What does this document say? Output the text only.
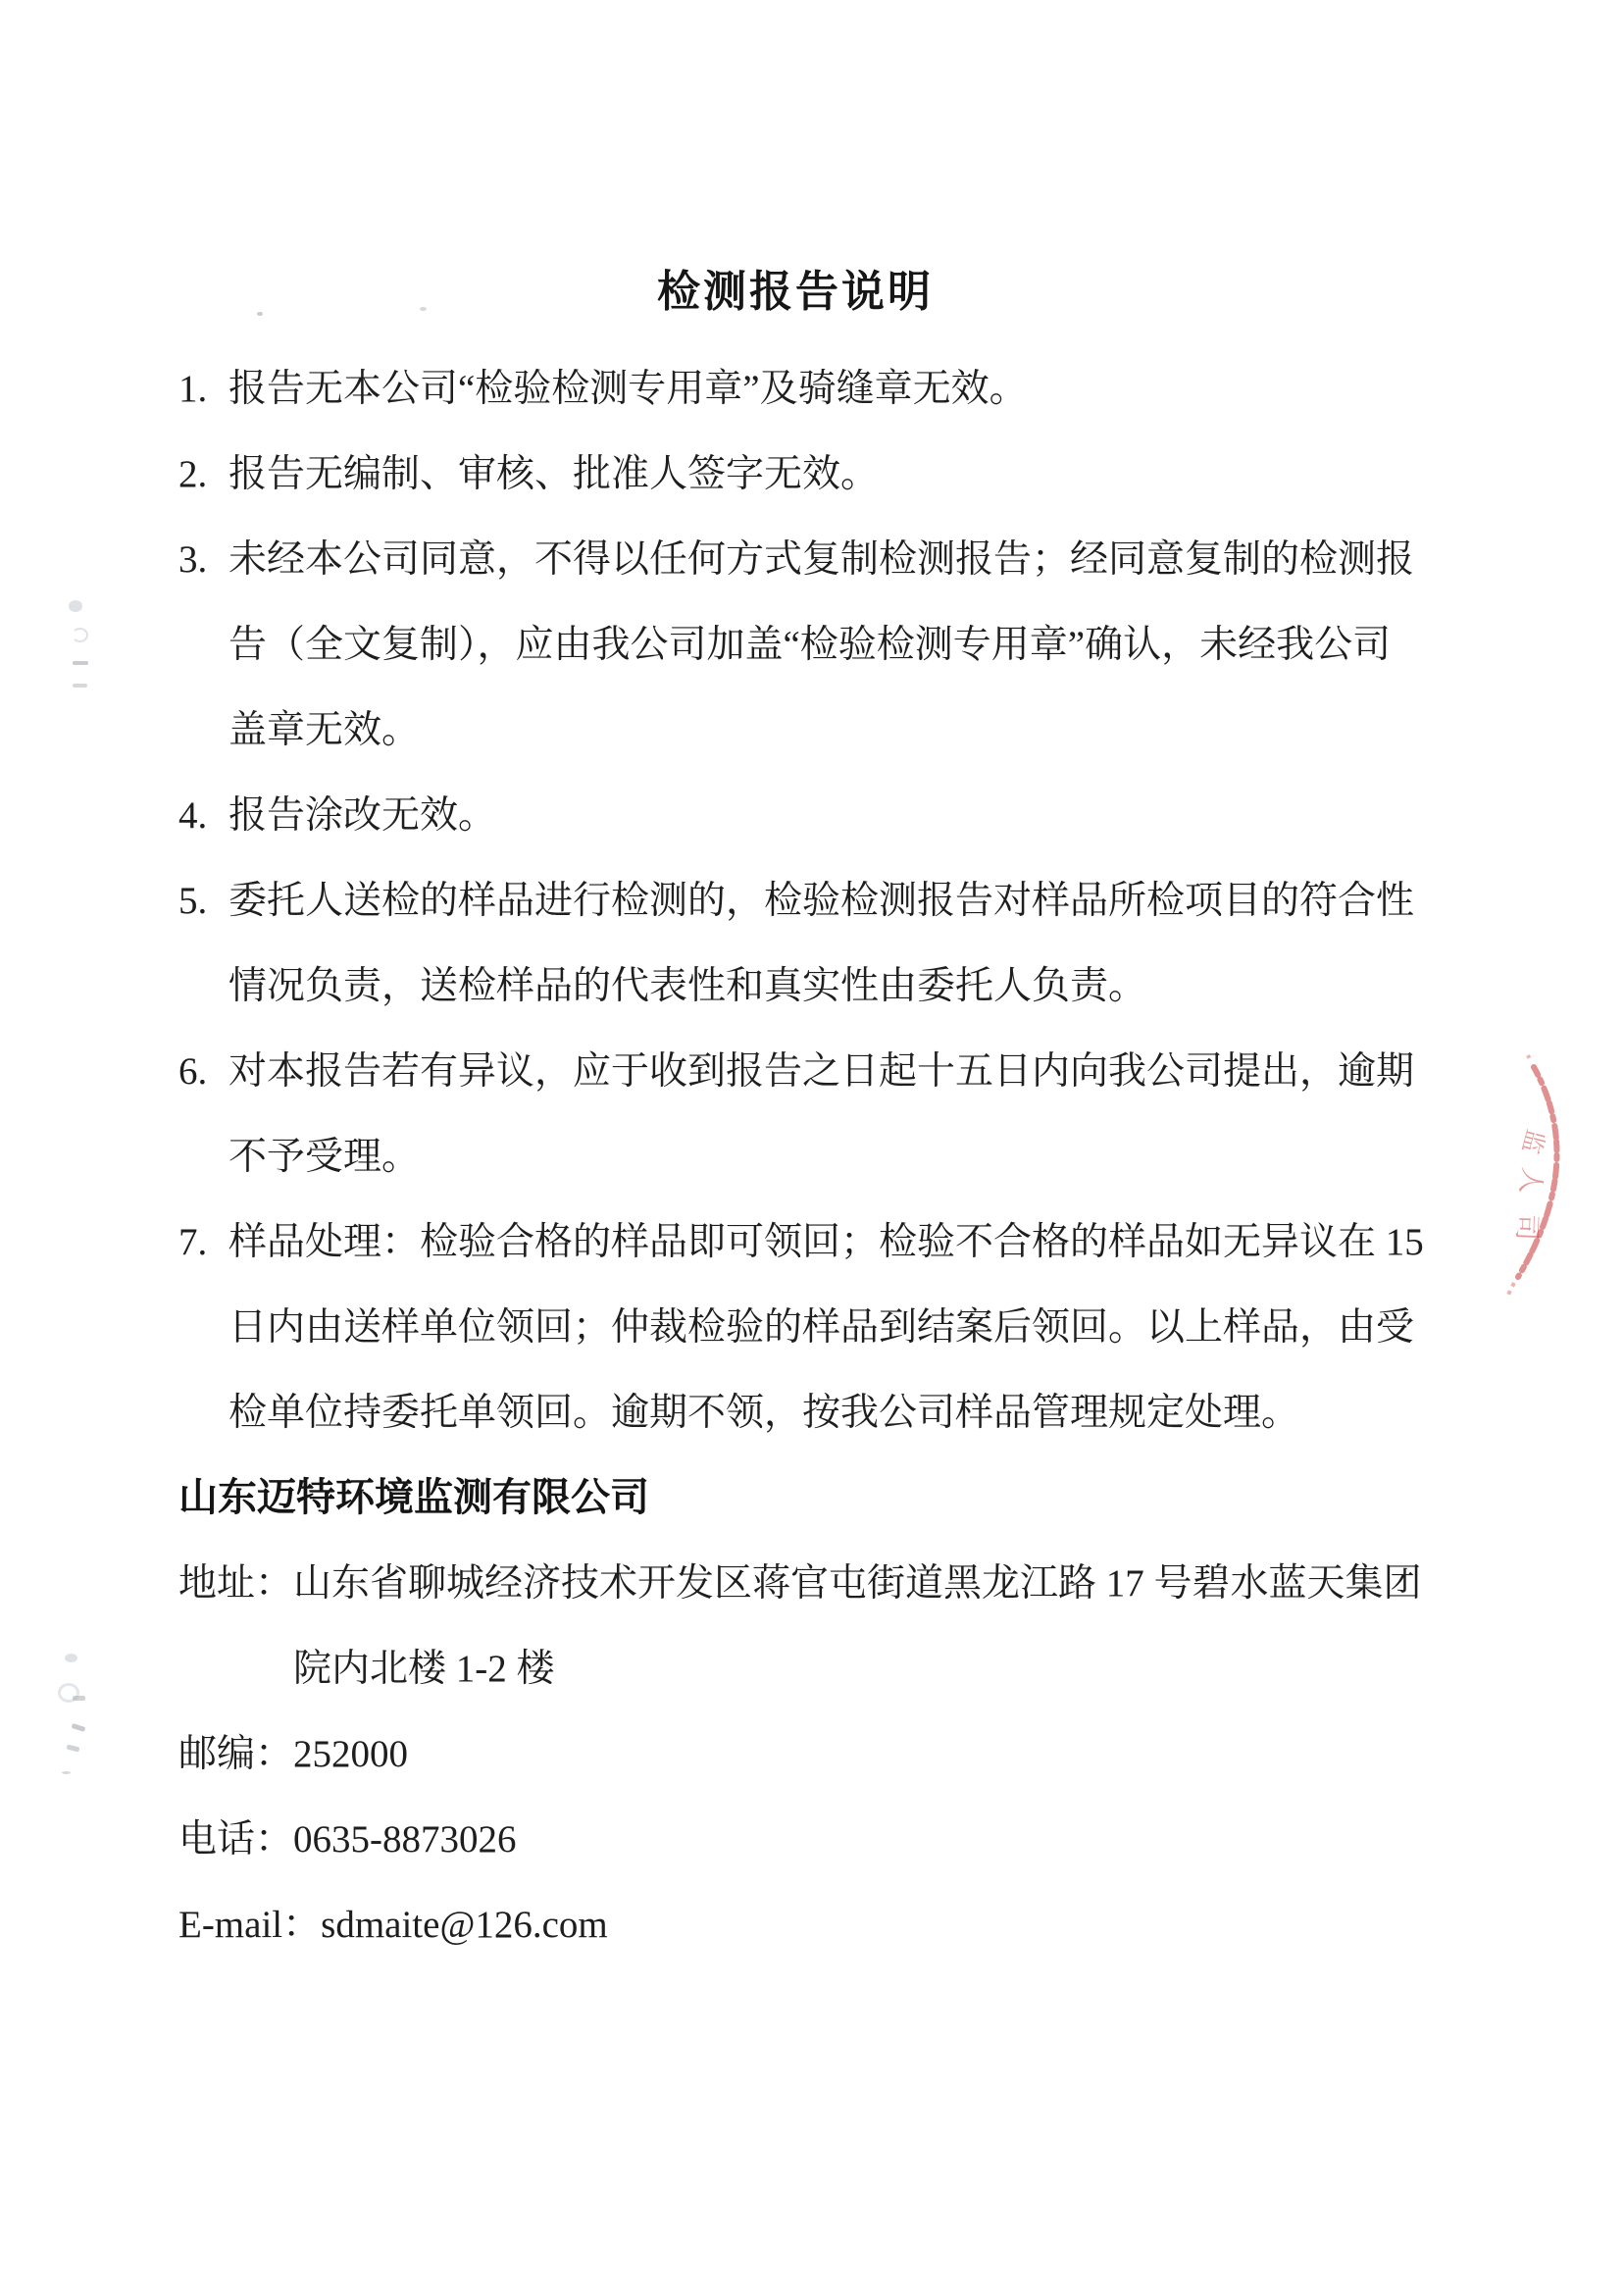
检测报告说明
1. 报告无本公司“检验检测专用章”及骑缝章无效。
2. 报告无编制、审核、批准人签字无效。
3. 未经本公司同意，不得以任何方式复制检测报告；经同意复制的检测报
告（全文复制），应由我公司加盖“检验检测专用章”确认，未经我公司
盖章无效。
4. 报告涂改无效。
5. 委托人送检的样品进行检测的，检验检测报告对样品所检项目的符合性
情况负责，送检样品的代表性和真实性由委托人负责。
6. 对本报告若有异议，应于收到报告之日起十五日内向我公司提出，逾期
不予受理。
7. 样品处理：检验合格的样品即可领回；检验不合格的样品如无异议在 15
日内由送样单位领回；仲裁检验的样品到结案后领回。以上样品，由受
检单位持委托单领回。逾期不领，按我公司样品管理规定处理。
山东迈特环境监测有限公司
地址： 山东省聊城经济技术开发区蒋官屯街道黑龙江路 17 号碧水蓝天集团
院内北楼 1-2 楼
邮编： 252000
电话： 0635-8873026
E-mail： sdmaite@126.com
监
人
司
